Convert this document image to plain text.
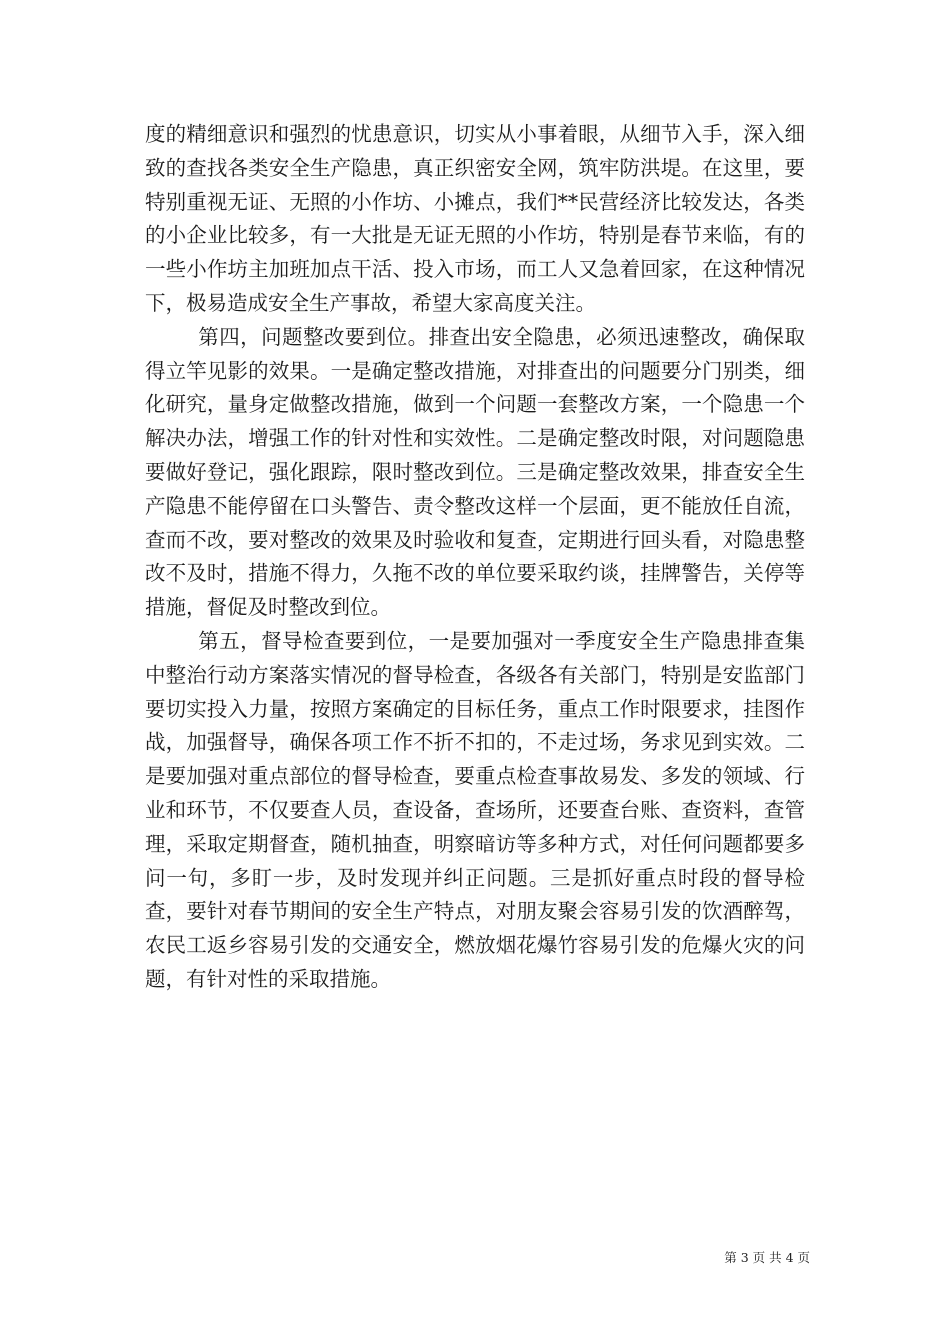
度的精细意识和强烈的忧患意识，切实从小事着眼，从细节入手，深入细致的查找各类安全生产隐患，真正织密安全网，筑牢防洪堤。在这里，要特别重视无证、无照的小作坊、小摊点，我们**民营经济比较发达，各类的小企业比较多，有一大批是无证无照的小作坊，特别是春节来临，有的一些小作坊主加班加点干活、投入市场，而工人又急着回家，在这种情况下，极易造成安全生产事故，希望大家高度关注。

第四，问题整改要到位。排查出安全隐患，必须迅速整改，确保取得立竿见影的效果。一是确定整改措施，对排查出的问题要分门别类，细化研究，量身定做整改措施，做到一个问题一套整改方案，一个隐患一个解决办法，增强工作的针对性和实效性。二是确定整改时限，对问题隐患要做好登记，强化跟踪，限时整改到位。三是确定整改效果，排查安全生产隐患不能停留在口头警告、责令整改这样一个层面，更不能放任自流，查而不改，要对整改的效果及时验收和复查，定期进行回头看，对隐患整改不及时，措施不得力，久拖不改的单位要采取约谈，挂牌警告，关停等措施，督促及时整改到位。

第五，督导检查要到位，一是要加强对一季度安全生产隐患排查集中整治行动方案落实情况的督导检查，各级各有关部门，特别是安监部门要切实投入力量，按照方案确定的目标任务，重点工作时限要求，挂图作战，加强督导，确保各项工作不折不扣的，不走过场，务求见到实效。二是要加强对重点部位的督导检查，要重点检查事故易发、多发的领域、行业和环节，不仅要查人员，查设备，查场所，还要查台账、查资料，查管理，采取定期督查，随机抽查，明察暗访等多种方式，对任何问题都要多问一句，多盯一步，及时发现并纠正问题。三是抓好重点时段的督导检查，要针对春节期间的安全生产特点，对朋友聚会容易引发的饮酒醉驾，农民工返乡容易引发的交通安全，燃放烟花爆竹容易引发的危爆火灾的问题，有针对性的采取措施。

第 3 页 共 4 页
